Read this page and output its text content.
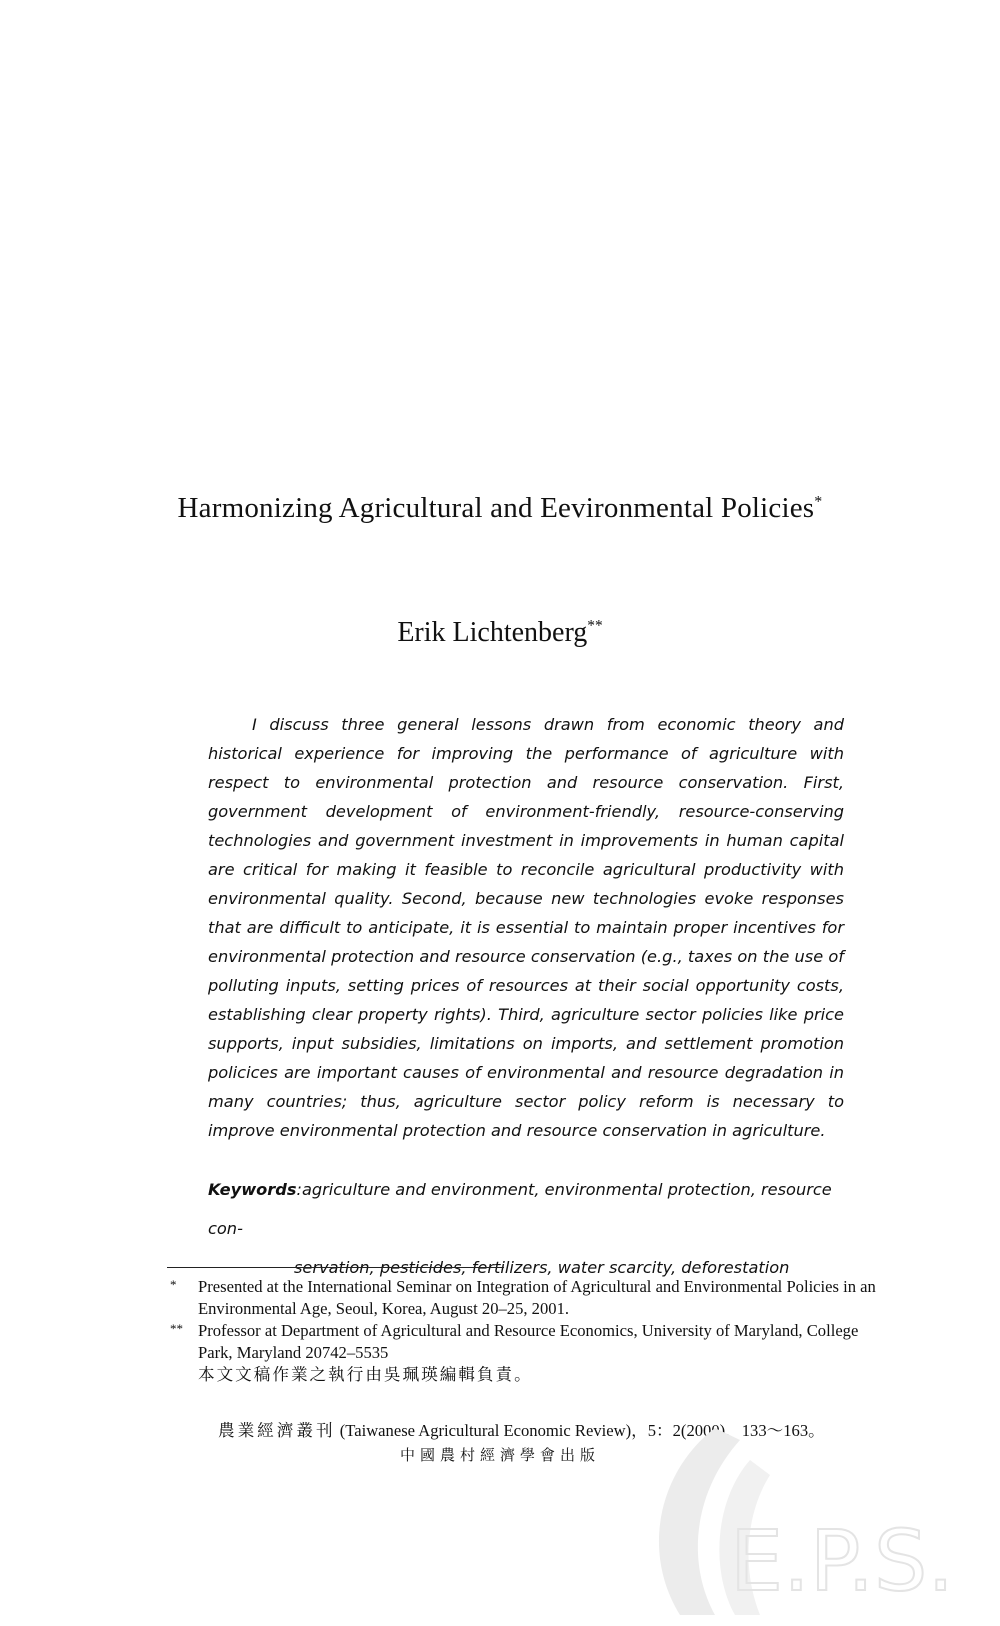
Harmonizing Agricultural and Eevironmental Policies*
Erik Lichtenberg**

I discuss three general lessons drawn from economic theory and historical experience for improving the performance of agriculture with respect to environmental protection and resource conservation. First, government development of environment-friendly, resource-conserving technologies and government investment in improvements in human capital are critical for making it feasible to reconcile agricultural productivity with environmental quality. Second, because new technologies evoke responses that are difficult to anticipate, it is essential to maintain proper incentives for environmental protection and resource conservation (e.g., taxes on the use of polluting inputs, setting prices of resources at their social opportunity costs, establishing clear property rights). Third, agriculture sector policies like price supports, input subsidies, limitations on imports, and settlement promotion policices are important causes of environmental and resource degradation in many countries; thus, agriculture sector policy reform is necessary to improve environmental protection and resource conservation in agriculture.

Keywords:agriculture and environment, environmental protection, resource con-
servation, pesticides, fertilizers, water scarcity, deforestation
* Presented at the International Seminar on Integration of Agricultural and Environmental Policies in an Environmental Age, Seoul, Korea, August 20–25, 2001.
** Professor at Department of Agricultural and Resource Economics, University of Maryland, College Park, Maryland 20742–5535
本文文稿作業之執行由吳珮瑛編輯負責。
農業經濟叢刊 (Taiwanese Agricultural Economic Review)，5：2(2000)，133～163。
中國農村經濟學會出版
E.P.S.
